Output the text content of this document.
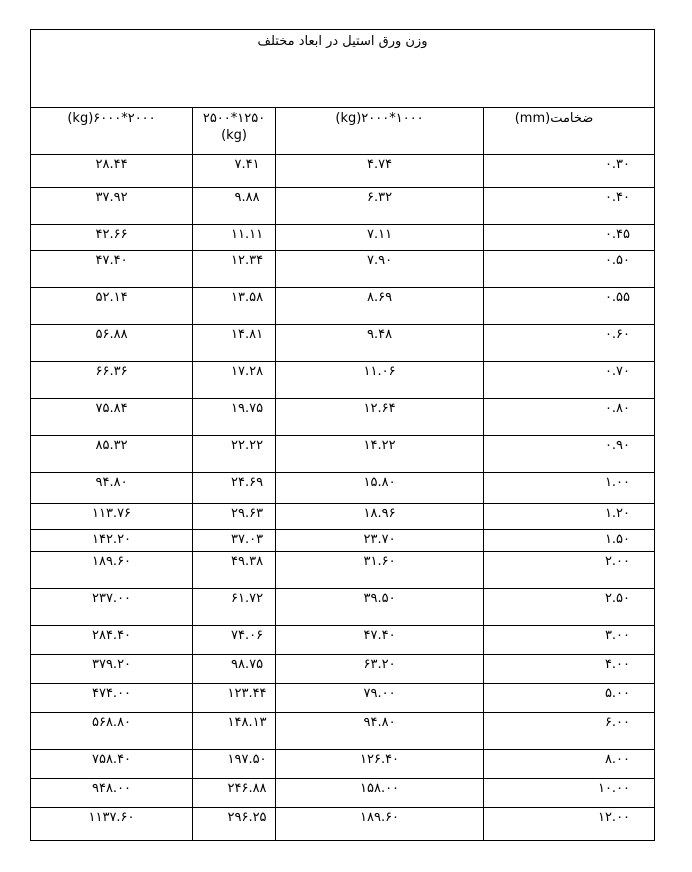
وزن ورق استیل در ابعاد مختلف			
ضخامت(mm)	(kg)۲۰۰۰*۱۰۰۰	۲۵۰۰*۱۲۵۰ (kg)	(kg)۶۰۰۰*۲۰۰۰
۰.۳۰	۴.۷۴	۷.۴۱	۲۸.۴۴
۰.۴۰	۶.۳۲	۹.۸۸	۳۷.۹۲
۰.۴۵	۷.۱۱	۱۱.۱۱	۴۲.۶۶
۰.۵۰	۷.۹۰	۱۲.۳۴	۴۷.۴۰
۰.۵۵	۸.۶۹	۱۳.۵۸	۵۲.۱۴
۰.۶۰	۹.۴۸	۱۴.۸۱	۵۶.۸۸
۰.۷۰	۱۱.۰۶	۱۷.۲۸	۶۶.۳۶
۰.۸۰	۱۲.۶۴	۱۹.۷۵	۷۵.۸۴
۰.۹۰	۱۴.۲۲	۲۲.۲۲	۸۵.۳۲
۱.۰۰	۱۵.۸۰	۲۴.۶۹	۹۴.۸۰
۱.۲۰	۱۸.۹۶	۲۹.۶۳	۱۱۳.۷۶
۱.۵۰	۲۳.۷۰	۳۷.۰۳	۱۴۲.۲۰
۲.۰۰	۳۱.۶۰	۴۹.۳۸	۱۸۹.۶۰
۲.۵۰	۳۹.۵۰	۶۱.۷۲	۲۳۷.۰۰
۳.۰۰	۴۷.۴۰	۷۴.۰۶	۲۸۴.۴۰
۴.۰۰	۶۳.۲۰	۹۸.۷۵	۳۷۹.۲۰
۵.۰۰	۷۹.۰۰	۱۲۳.۴۴	۴۷۴.۰۰
۶.۰۰	۹۴.۸۰	۱۴۸.۱۳	۵۶۸.۸۰
۸.۰۰	۱۲۶.۴۰	۱۹۷.۵۰	۷۵۸.۴۰
۱۰.۰۰	۱۵۸.۰۰	۲۴۶.۸۸	۹۴۸.۰۰
۱۲.۰۰	۱۸۹.۶۰	۲۹۶.۲۵	۱۱۳۷.۶۰
